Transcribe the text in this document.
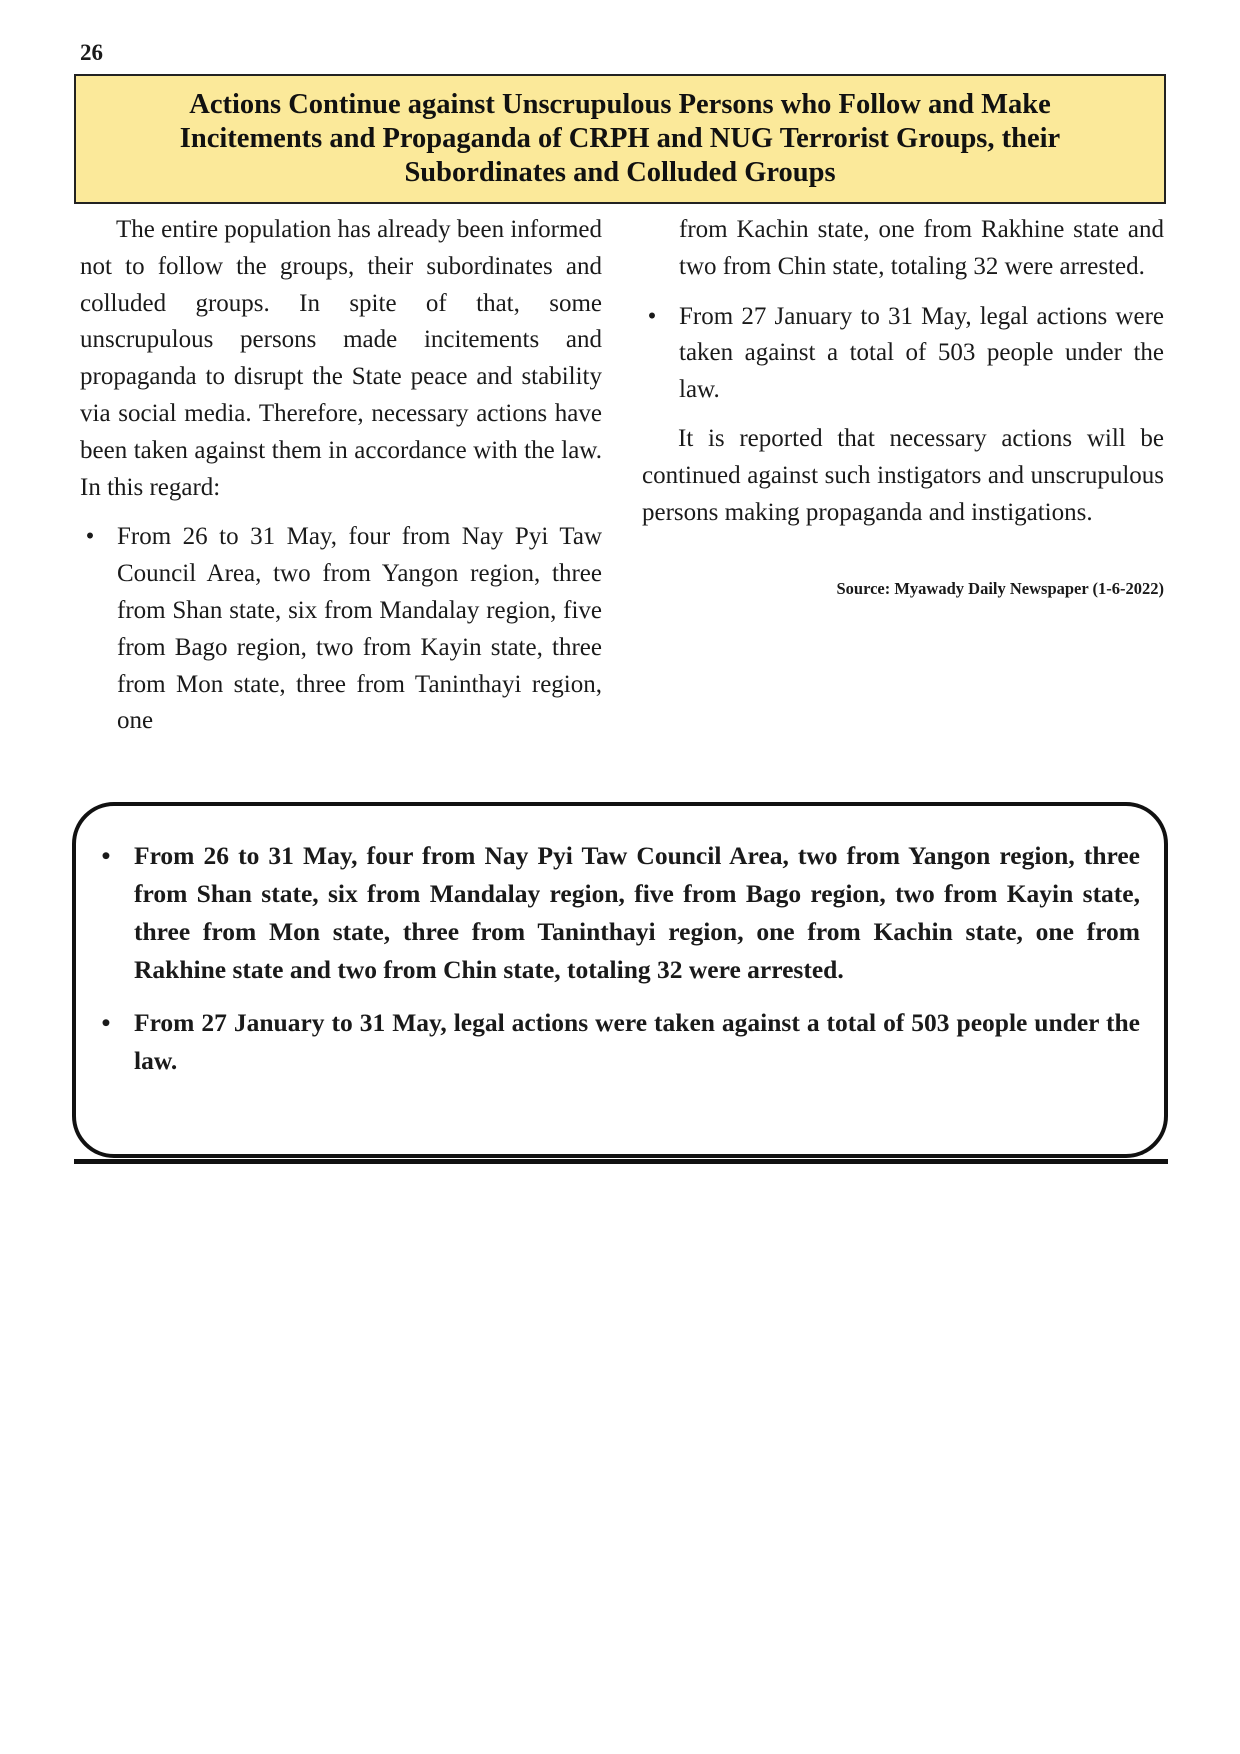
26
Actions Continue against Unscrupulous Persons who Follow and Make Incitements and Propaganda of CRPH and NUG Terrorist Groups, their Subordinates and Colluded Groups

The entire population has already been informed not to follow the groups, their subordinates and colluded groups. In spite of that, some unscrupulous persons made incitements and propaganda to disrupt the State peace and stability via social media. Therefore, necessary actions have been taken against them in accordance with the law. In this regard:

• From 26 to 31 May, four from Nay Pyi Taw Council Area, two from Yangon region, three from Shan state, six from Mandalay region, five from Bago region, two from Kayin state, three from Mon state, three from Taninthayi region, one

from Kachin state, one from Rakhine state and two from Chin state, totaling 32 were arrested.

• From 27 January to 31 May, legal actions were taken against a total of 503 people under the law.

It is reported that necessary actions will be continued against such instigators and unscrupulous persons making propaganda and instigations.

Source: Myawady Daily Newspaper (1-6-2022)

• From 26 to 31 May, four from Nay Pyi Taw Council Area, two from Yangon region, three from Shan state, six from Mandalay region, five from Bago region, two from Kayin state, three from Mon state, three from Taninthayi region, one from Kachin state, one from Rakhine state and two from Chin state, totaling 32 were arrested.
• From 27 January to 31 May, legal actions were taken against a total of 503 people under the law.
